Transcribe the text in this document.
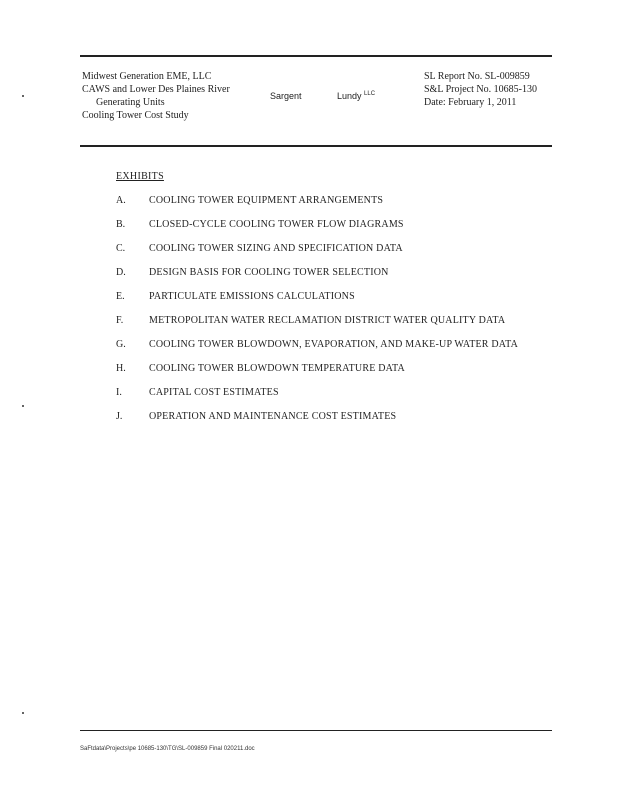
Midwest Generation EME, LLC
CAWS and Lower Des Plaines River
Generating Units
Cooling Tower Cost Study
Sargent	Lundy $^{LLC}$
SL Report No. SL-009859
S&L Project No. 10685-130
Date: February 1, 2011
EXHIBITS
A. COOLING TOWER EQUIPMENT ARRANGEMENTS
B. CLOSED-CYCLE COOLING TOWER FLOW DIAGRAMS
C. COOLING TOWER SIZING AND SPECIFICATION DATA
D. DESIGN BASIS FOR COOLING TOWER SELECTION
E. PARTICULATE EMISSIONS CALCULATIONS
F.	METROPOLITAN WATER RECLAMATION DISTRICT WATER QUALITY DATA
G. COOLING TOWER BLOWDOWN, EVAPORATION, AND MAKE-UP WATER DATA
H. COOLING TOWER BLOWDOWN TEMPERATURE DATA
I.	CAPITAL COST ESTIMATES
J.	OPERATION AND MAINTENANCE COST ESTIMATES
SaFtdata\Projects\pe 10685-130\TG\SL-009859 Final 020211.doc
